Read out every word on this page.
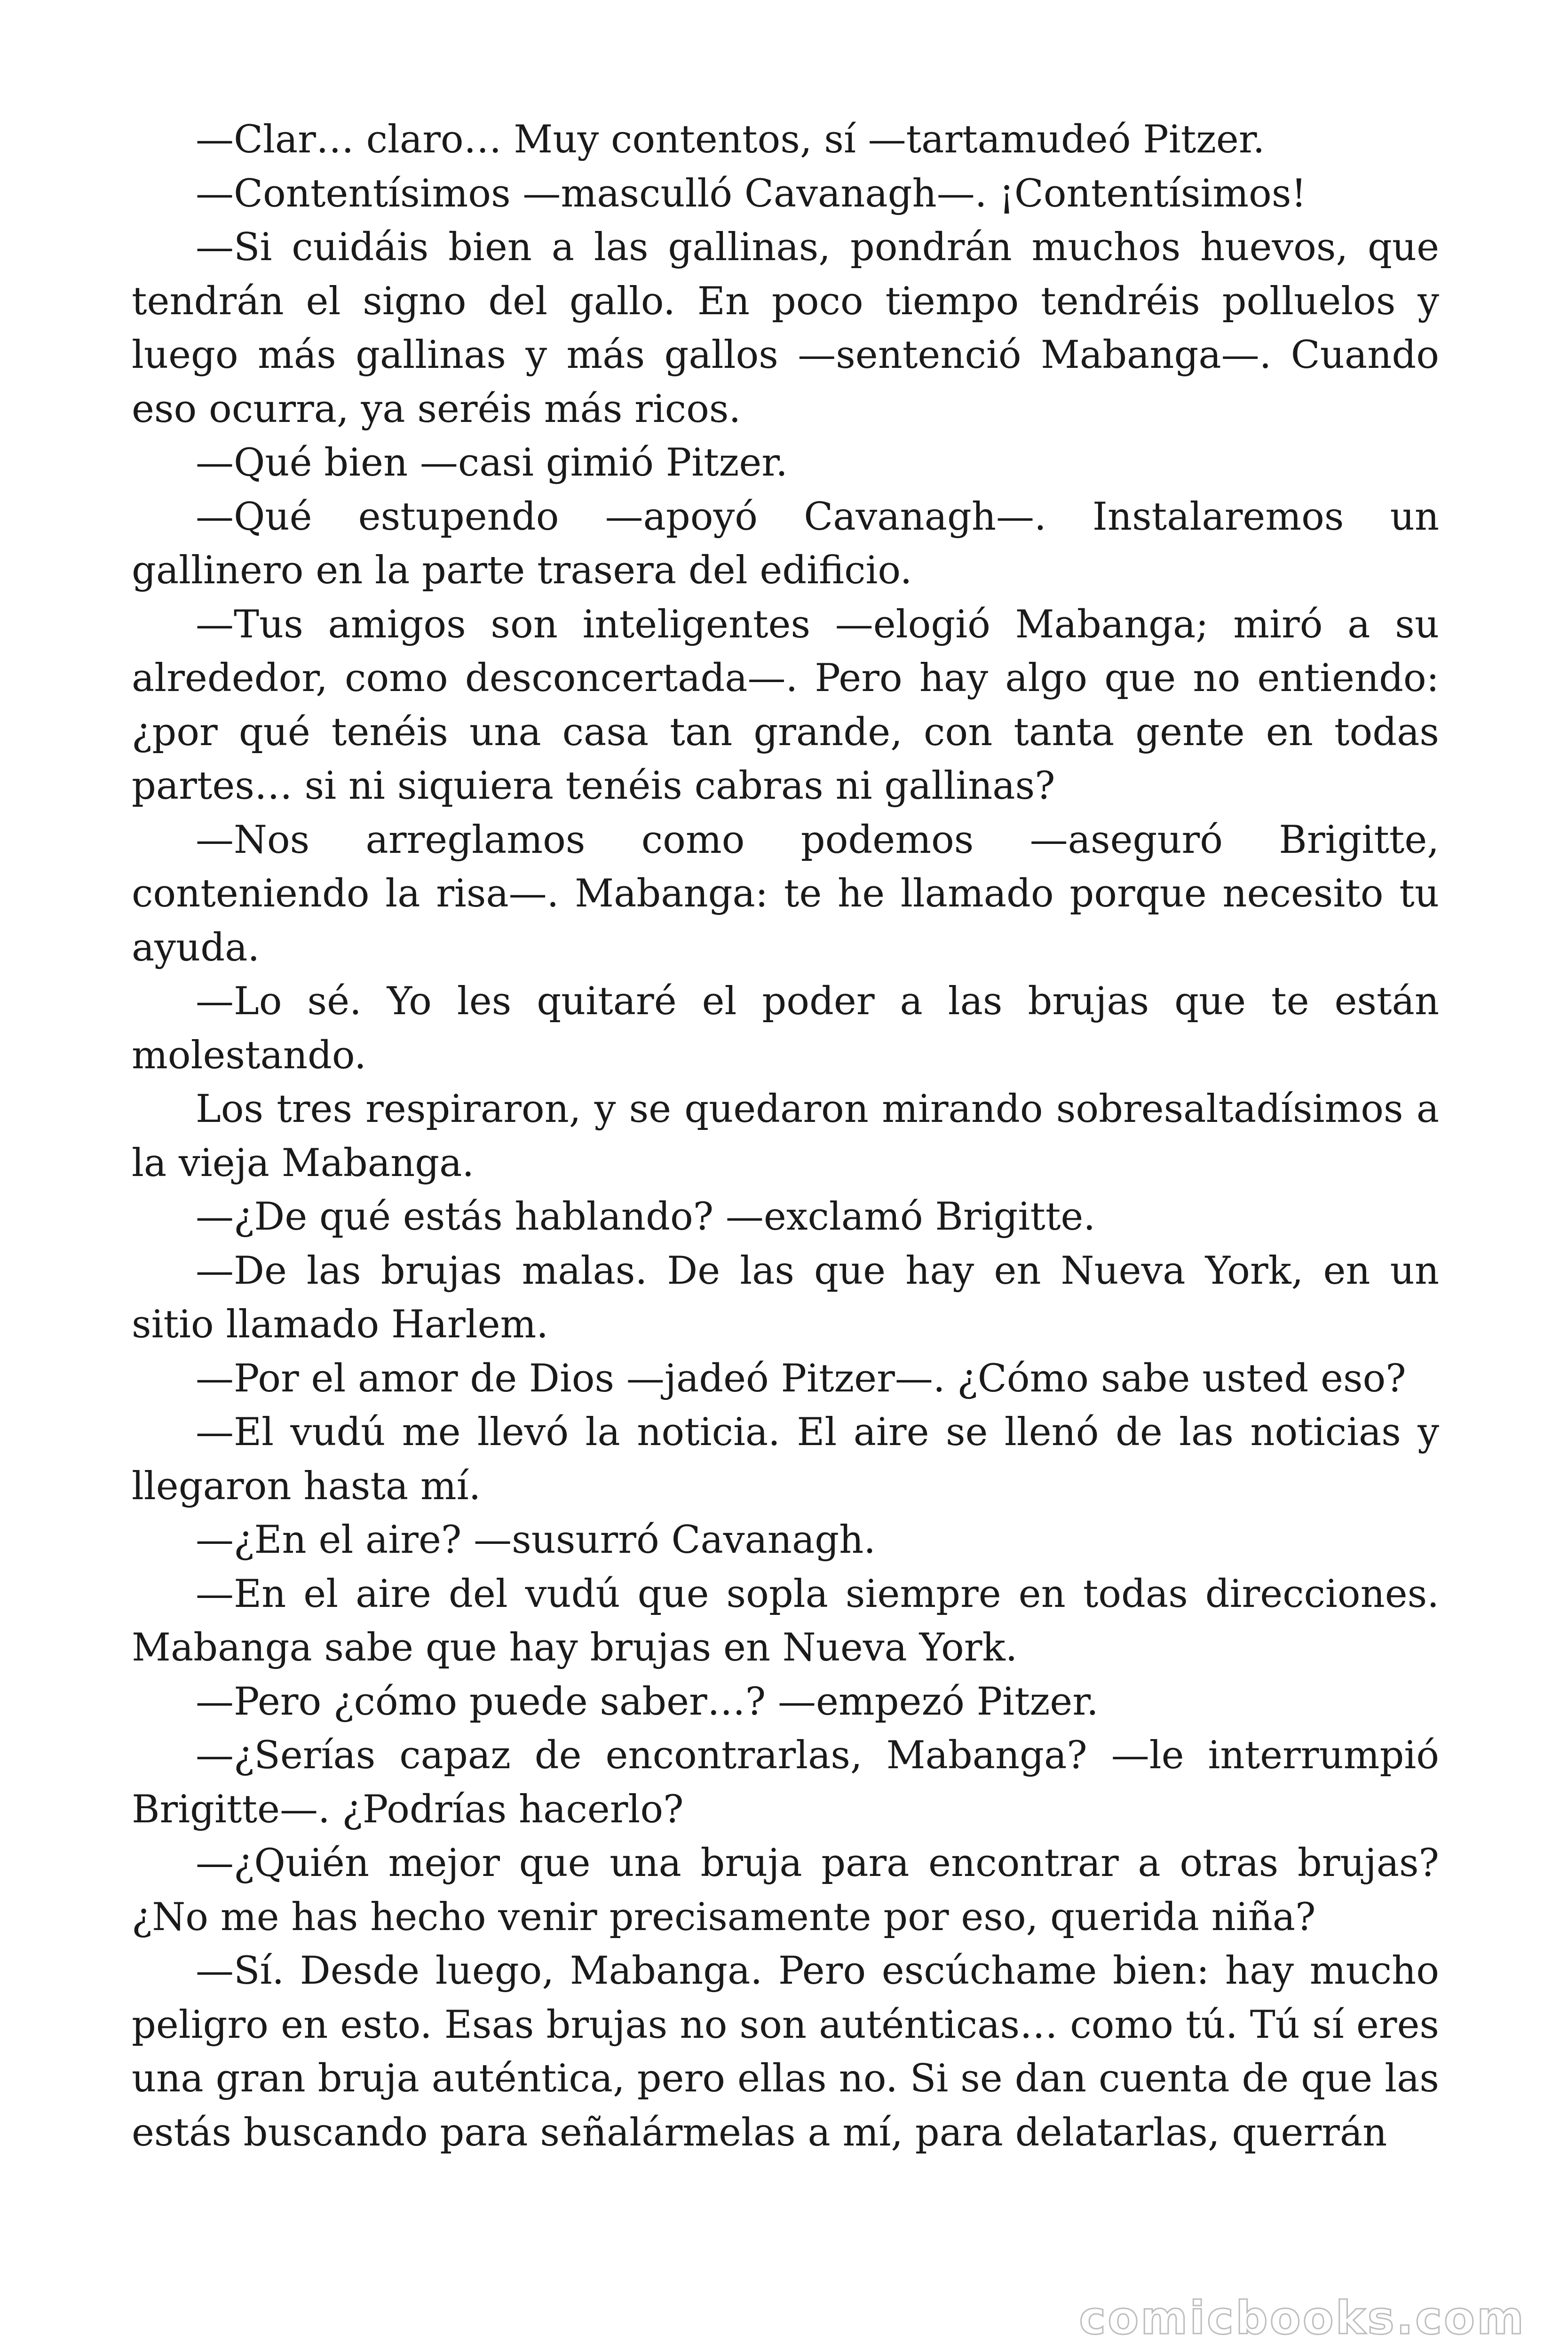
—Clar… claro… Muy contentos, sí —tartamudeó Pitzer.

—Contentísimos —mascull​ó Cavanagh—. ¡Contentísimos!

—Si cuidáis bien a las gallinas, pondrán muchos huevos, que tendrán el signo del gallo. En poco tiempo tendréis polluelos y luego más gallinas y más gallos —sentenció Mabanga—. Cuando eso ocurra, ya seréis más ricos.

—Qué bien —casi gimió Pitzer.

—Qué estupendo —apoyó Cavanagh—. Instalaremos un gallinero en la parte trasera del edificio.

—Tus amigos son inteligentes —elogió Mabanga; miró a su alrededor, como desconcertada—. Pero hay algo que no entiendo: ¿por qué tenéis una casa tan grande, con tanta gente en todas partes… si ni siquiera tenéis cabras ni gallinas?

—Nos arreglamos como podemos —aseguró Brigitte, conteniendo la risa—. Mabanga: te he llamado porque necesito tu ayuda.

—Lo sé. Yo les quitaré el poder a las brujas que te están molestando.

Los tres respiraron, y se quedaron mirando sobresaltadísimos a la vieja Mabanga.

—¿De qué estás hablando? —exclamó Brigitte.

—De las brujas malas. De las que hay en Nueva York, en un sitio llamado Harlem.

—Por el amor de Dios —jadeó Pitzer—. ¿Cómo sabe usted eso?

—El vudú me llevó la noticia. El aire se llenó de las noticias y llegaron hasta mí.

—¿En el aire? —susurró Cavanagh.

—En el aire del vudú que sopla siempre en todas direcciones. Mabanga sabe que hay brujas en Nueva York.

—Pero ¿cómo puede saber…? —empezó Pitzer.

—¿Serías capaz de encontrarlas, Mabanga? —le interrumpió Brigitte—. ¿Podrías hacerlo?

—¿Quién mejor que una bruja para encontrar a otras brujas? ¿No me has hecho venir precisamente por eso, querida niña?

—Sí. Desde luego, Mabanga. Pero escúchame bien: hay mucho peligro en esto. Esas brujas no son auténticas… como tú. Tú sí eres una gran bruja auténtica, pero ellas no. Si se dan cuenta de que las estás buscando para señalármelas a mí, para delatarlas, querrán

comicbooks.com
